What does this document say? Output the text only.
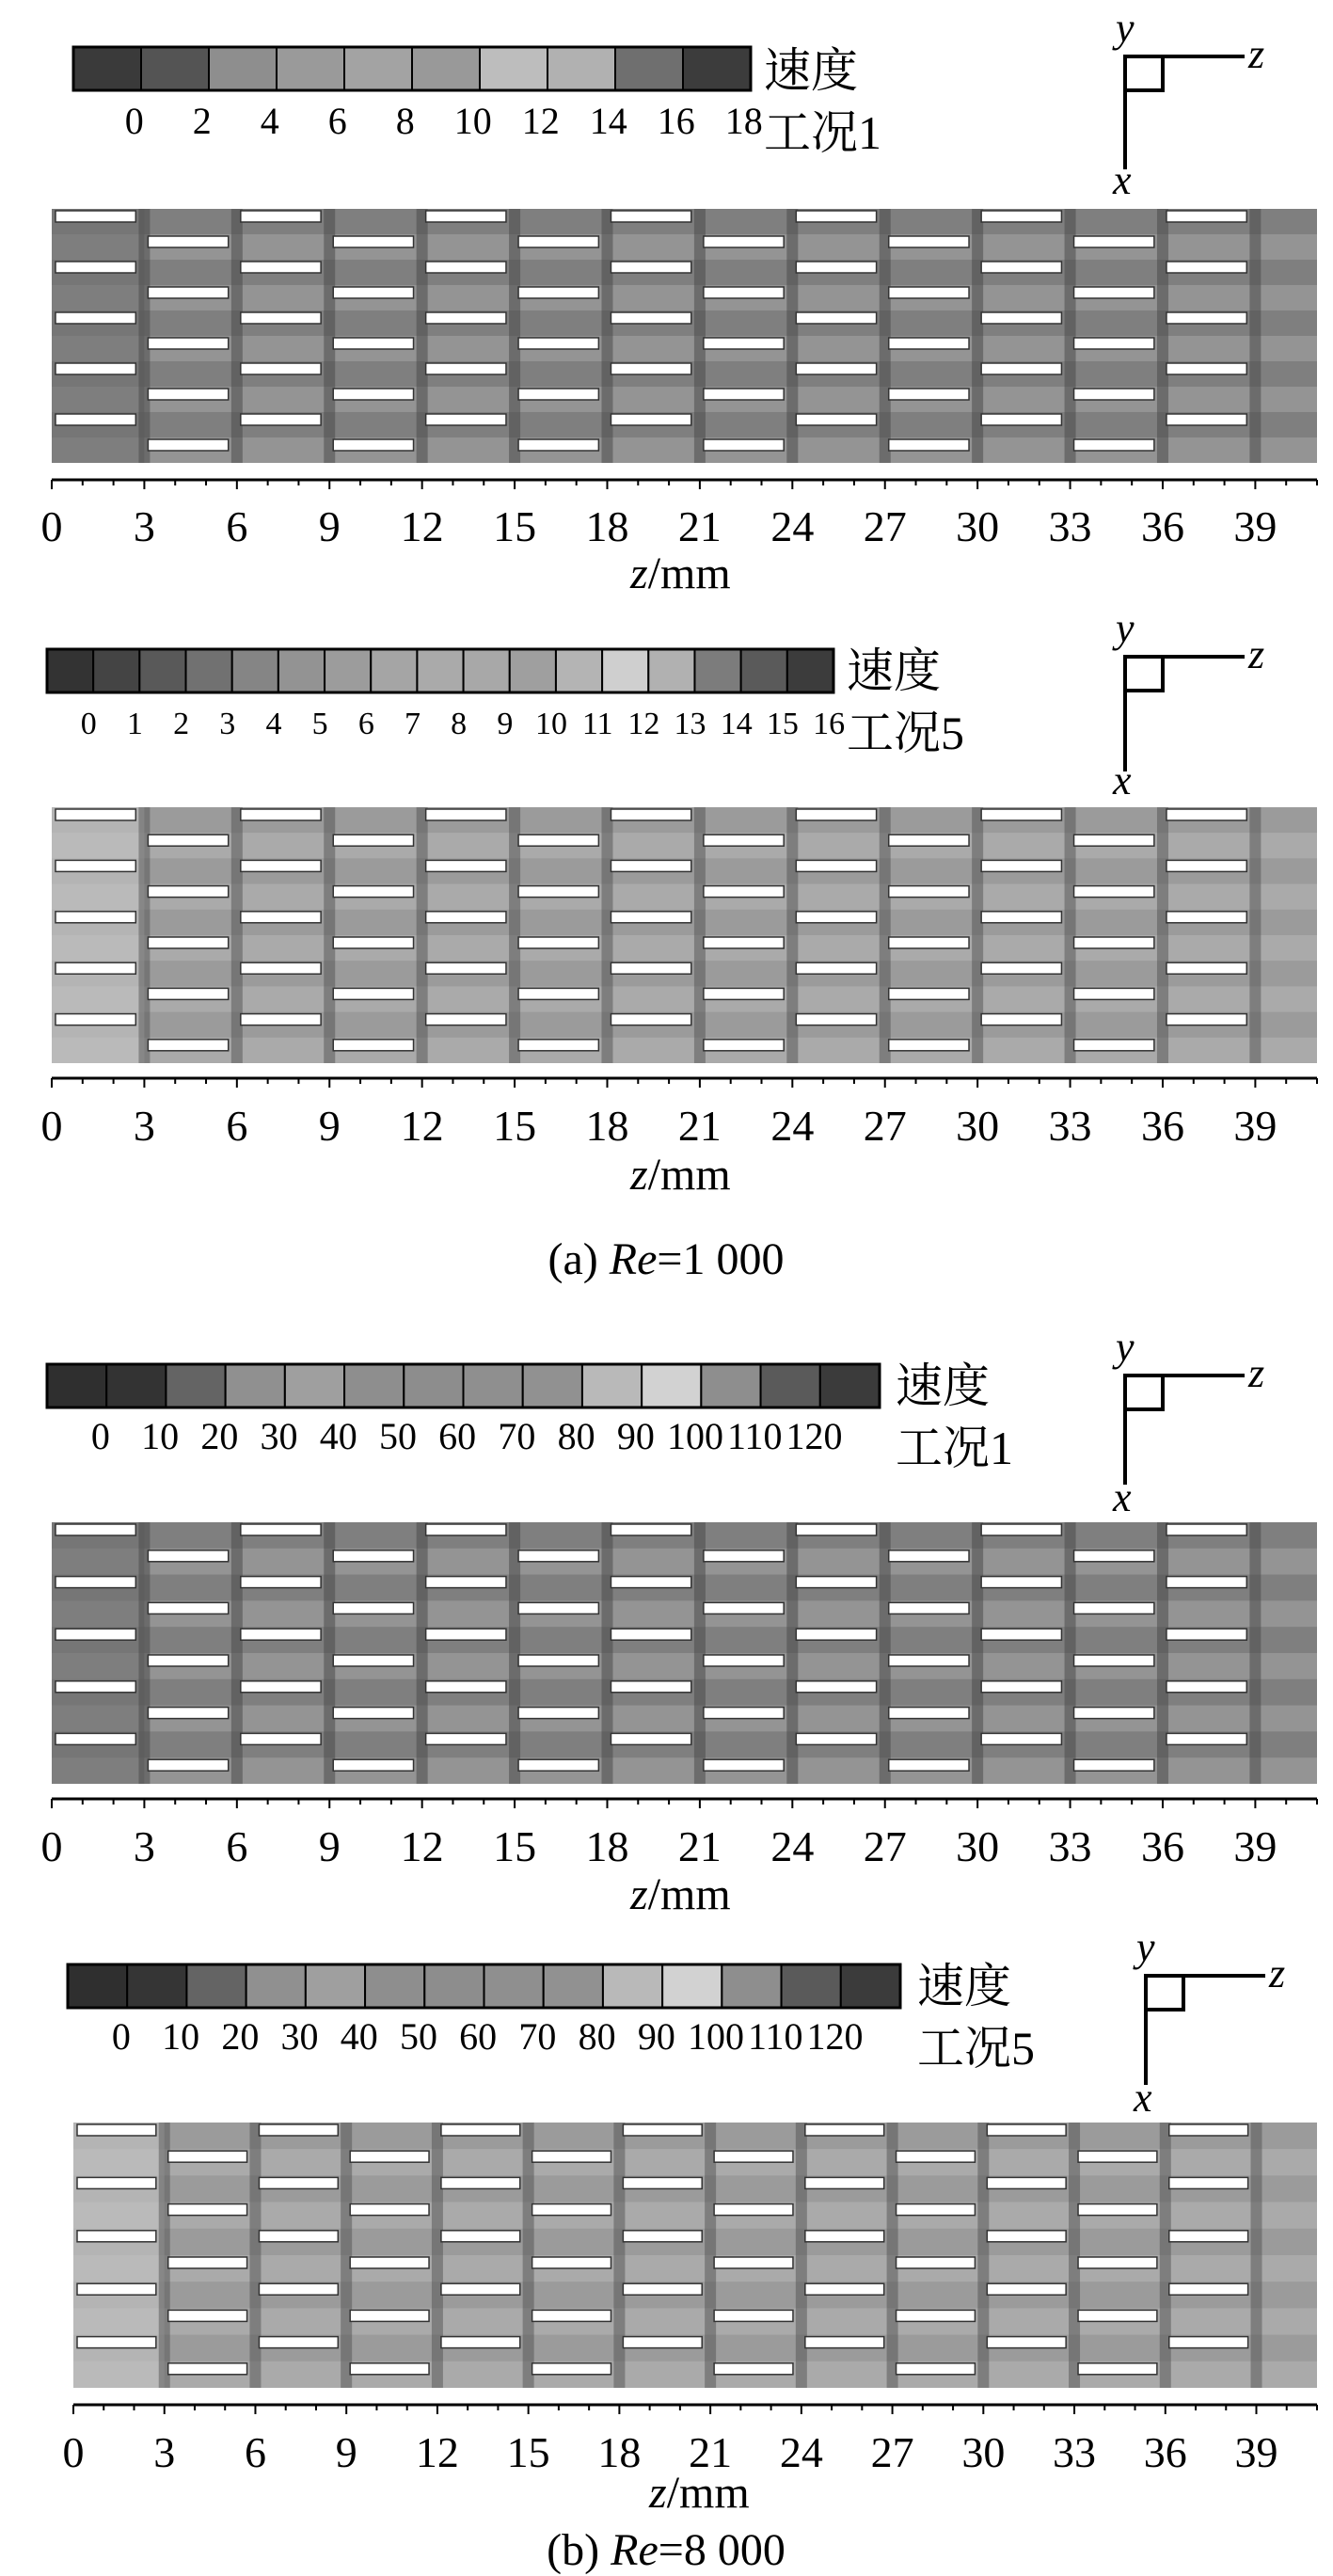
0 2 4 6 8 10 12 14 16 18
速度
工况1
y
z
x
0 3 6 9 12 15 18 21 24 27 30 33 36 39
z/mm
0 1 2 3 4 5 6 7 8 9 10 11 12 13 14 15 16
速度
工况5
y
z
x
0 3 6 9 12 15 18 21 24 27 30 33 36 39
z/mm
(a) Re=1 000
0 10 20 30 40 50 60 70 80 90 100 110 120
速度
工况1
y
z
x
0 3 6 9 12 15 18 21 24 27 30 33 36 39
z/mm
0 10 20 30 40 50 60 70 80 90 100 110 120
速度
工况5
y
z
x
0 3 6 9 12 15 18 21 24 27 30 33 36 39
z/mm
(b) Re=8 000
